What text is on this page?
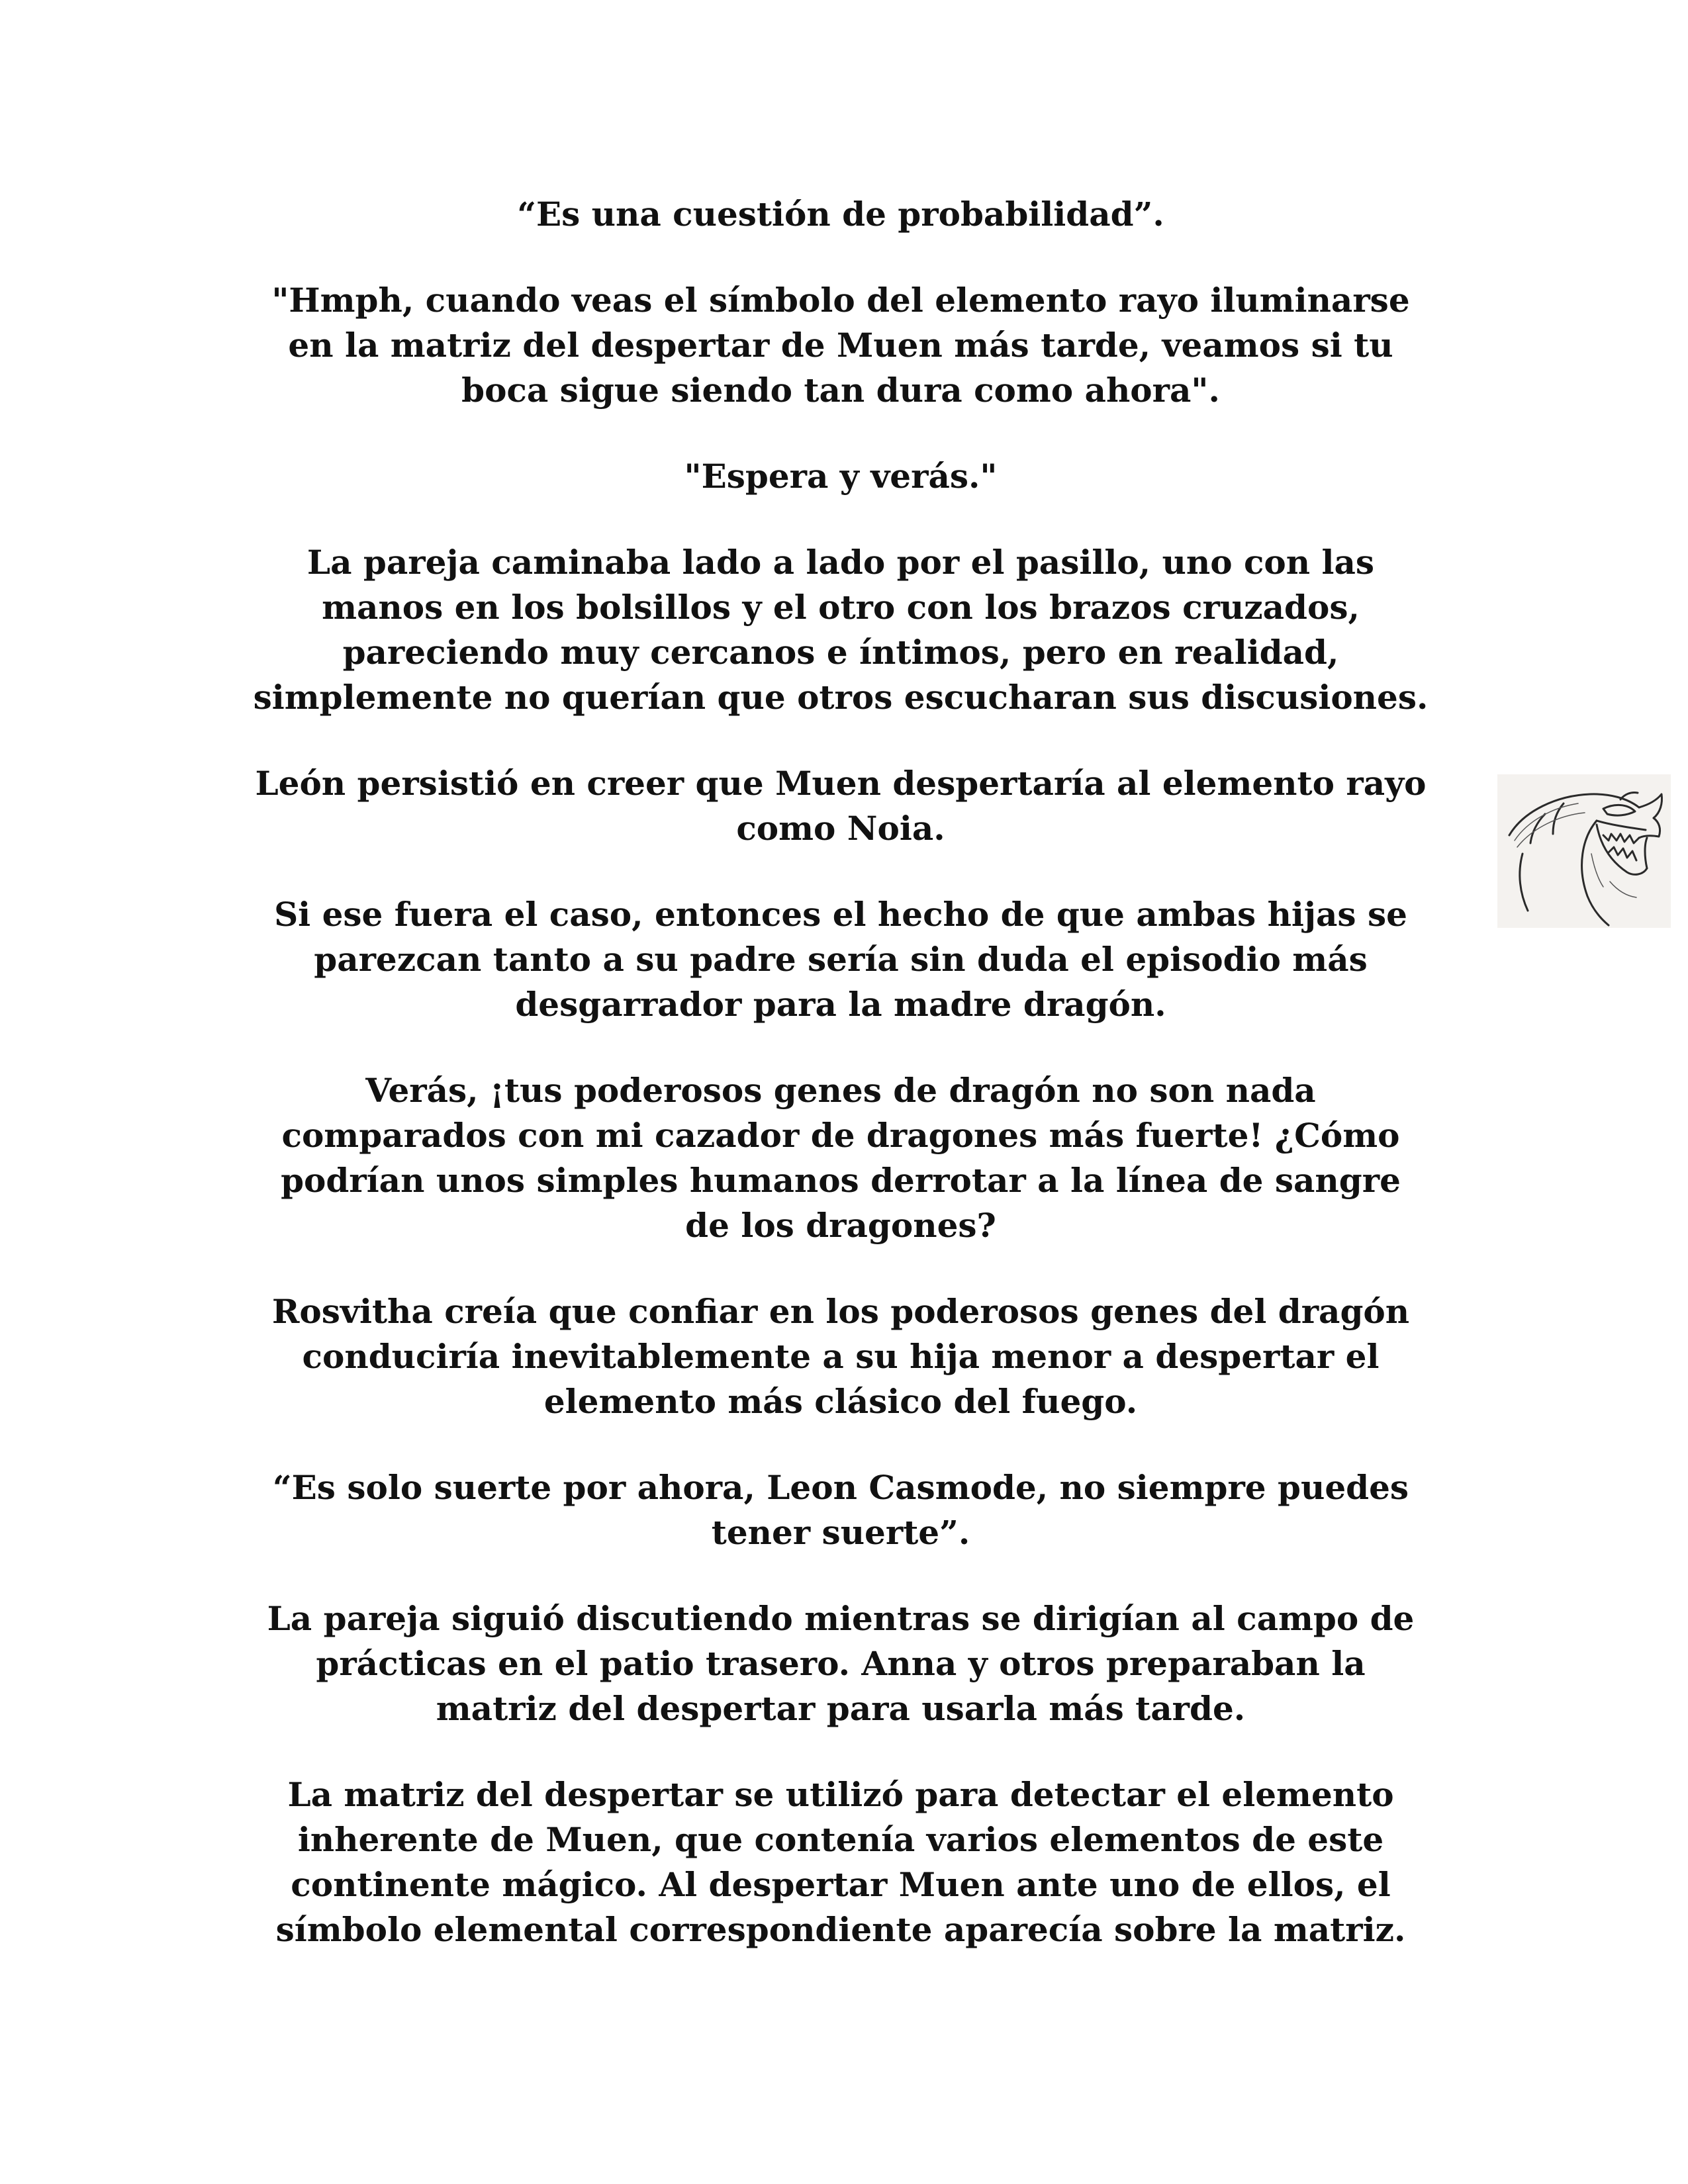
“Es una cuestión de probabilidad”.

"Hmph, cuando veas el símbolo del elemento rayo iluminarse
en la matriz del despertar de Muen más tarde, veamos si tu
boca sigue siendo tan dura como ahora".

"Espera y verás."

La pareja caminaba lado a lado por el pasillo, uno con las
manos en los bolsillos y el otro con los brazos cruzados,
pareciendo muy cercanos e íntimos, pero en realidad,
simplemente no querían que otros escucharan sus discusiones.

León persistió en creer que Muen despertaría al elemento rayo
como Noia.

Si ese fuera el caso, entonces el hecho de que ambas hijas se
parezcan tanto a su padre sería sin duda el episodio más
desgarrador para la madre dragón.

Verás, ¡tus poderosos genes de dragón no son nada
comparados con mi cazador de dragones más fuerte! ¿Cómo
podrían unos simples humanos derrotar a la línea de sangre
de los dragones?

Rosvitha creía que confiar en los poderosos genes del dragón
conduciría inevitablemente a su hija menor a despertar el
elemento más clásico del fuego.

“Es solo suerte por ahora, Leon Casmode, no siempre puedes
tener suerte”.

La pareja siguió discutiendo mientras se dirigían al campo de
prácticas en el patio trasero. Anna y otros preparaban la
matriz del despertar para usarla más tarde.

La matriz del despertar se utilizó para detectar el elemento
inherente de Muen, que contenía varios elementos de este
continente mágico. Al despertar Muen ante uno de ellos, el
símbolo elemental correspondiente aparecía sobre la matriz.
